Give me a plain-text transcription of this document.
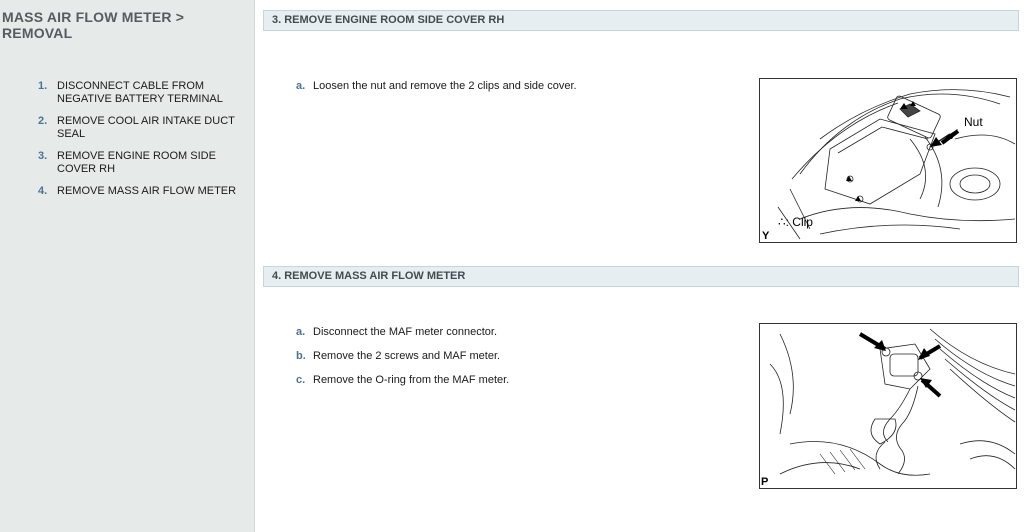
MASS AIR FLOW METER > REMOVAL
1. DISCONNECT CABLE FROM NEGATIVE BATTERY TERMINAL
2. REMOVE COOL AIR INTAKE DUCT SEAL
3. REMOVE ENGINE ROOM SIDE COVER RH
4. REMOVE MASS AIR FLOW METER
3. REMOVE ENGINE ROOM SIDE COVER RH
a. Loosen the nut and remove the 2 clips and side cover.
Nut
∴: Clip
Y
4. REMOVE MASS AIR FLOW METER
a. Disconnect the MAF meter connector.
b. Remove the 2 screws and MAF meter.
c. Remove the O-ring from the MAF meter.
P
